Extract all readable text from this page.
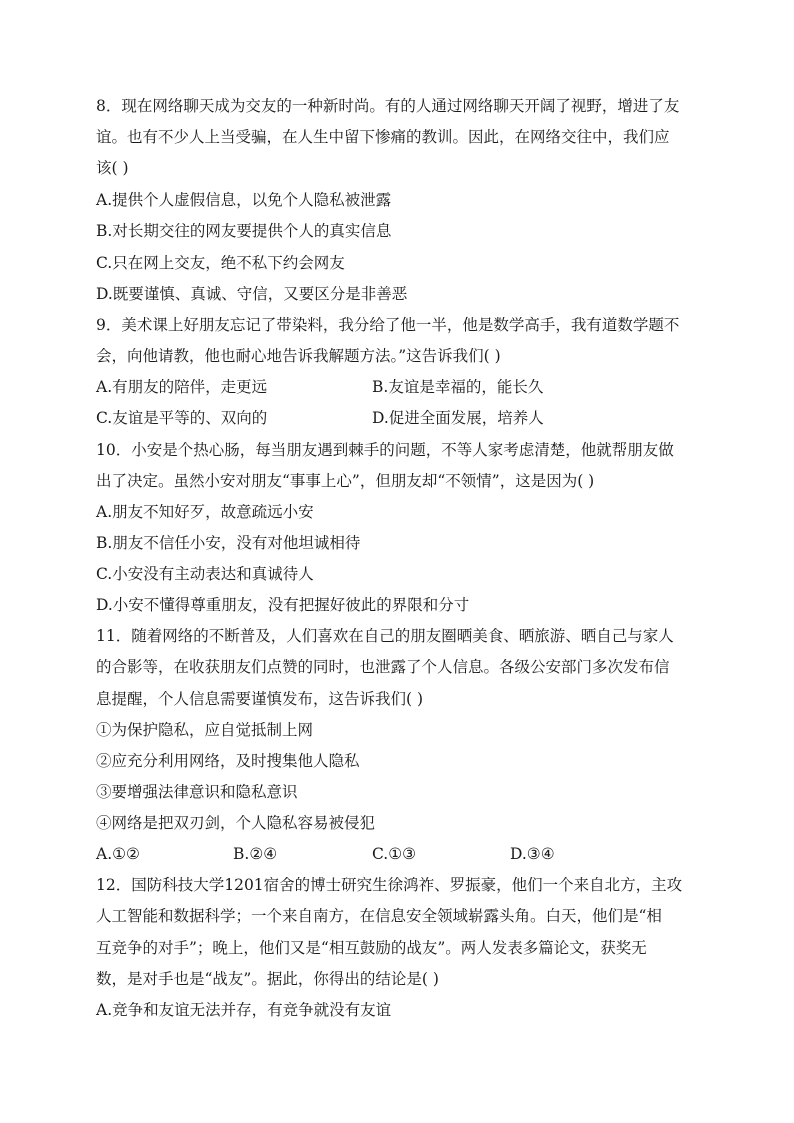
8．现在网络聊天成为交友的一种新时尚。有的人通过网络聊天开阔了视野，增进了友
谊。也有不少人上当受骗，在人生中留下惨痛的教训。因此，在网络交往中，我们应
该( )
A.提供个人虚假信息，以免个人隐私被泄露
B.对长期交往的网友要提供个人的真实信息
C.只在网上交友，绝不私下约会网友
D.既要谨慎、真诚、守信，又要区分是非善恶
9．美术课上好朋友忘记了带染料，我分给了他一半，他是数学高手，我有道数学题不
会，向他请教，他也耐心地告诉我解题方法。”这告诉我们( )
A.有朋友的陪伴，走更远	B.友谊是幸福的，能长久
C.友谊是平等的、双向的	D.促进全面发展，培养人
10．小安是个热心肠，每当朋友遇到棘手的问题，不等人家考虑清楚，他就帮朋友做
出了决定。虽然小安对朋友“事事上心”，但朋友却“不领情”，这是因为( )
A.朋友不知好歹，故意疏远小安
B.朋友不信任小安，没有对他坦诚相待
C.小安没有主动表达和真诚待人
D.小安不懂得尊重朋友，没有把握好彼此的界限和分寸
11．随着网络的不断普及，人们喜欢在自己的朋友圈晒美食、晒旅游、晒自己与家人
的合影等，在收获朋友们点赞的同时，也泄露了个人信息。各级公安部门多次发布信
息提醒，个人信息需要谨慎发布，这告诉我们( )
①为保护隐私，应自觉抵制上网
②应充分利用网络，及时搜集他人隐私
③要增强法律意识和隐私意识
④网络是把双刃剑，个人隐私容易被侵犯
A.①②	B.②④	C.①③	D.③④
12．国防科技大学1201宿舍的博士研究生徐鸿祚、罗振豪，他们一个来自北方，主攻
人工智能和数据科学；一个来自南方，在信息安全领域崭露头角。白天，他们是“相
互竞争的对手”；晚上，他们又是“相互鼓励的战友”。两人发表多篇论文，获奖无
数，是对手也是“战友”。据此，你得出的结论是( )
A.竞争和友谊无法并存，有竞争就没有友谊
